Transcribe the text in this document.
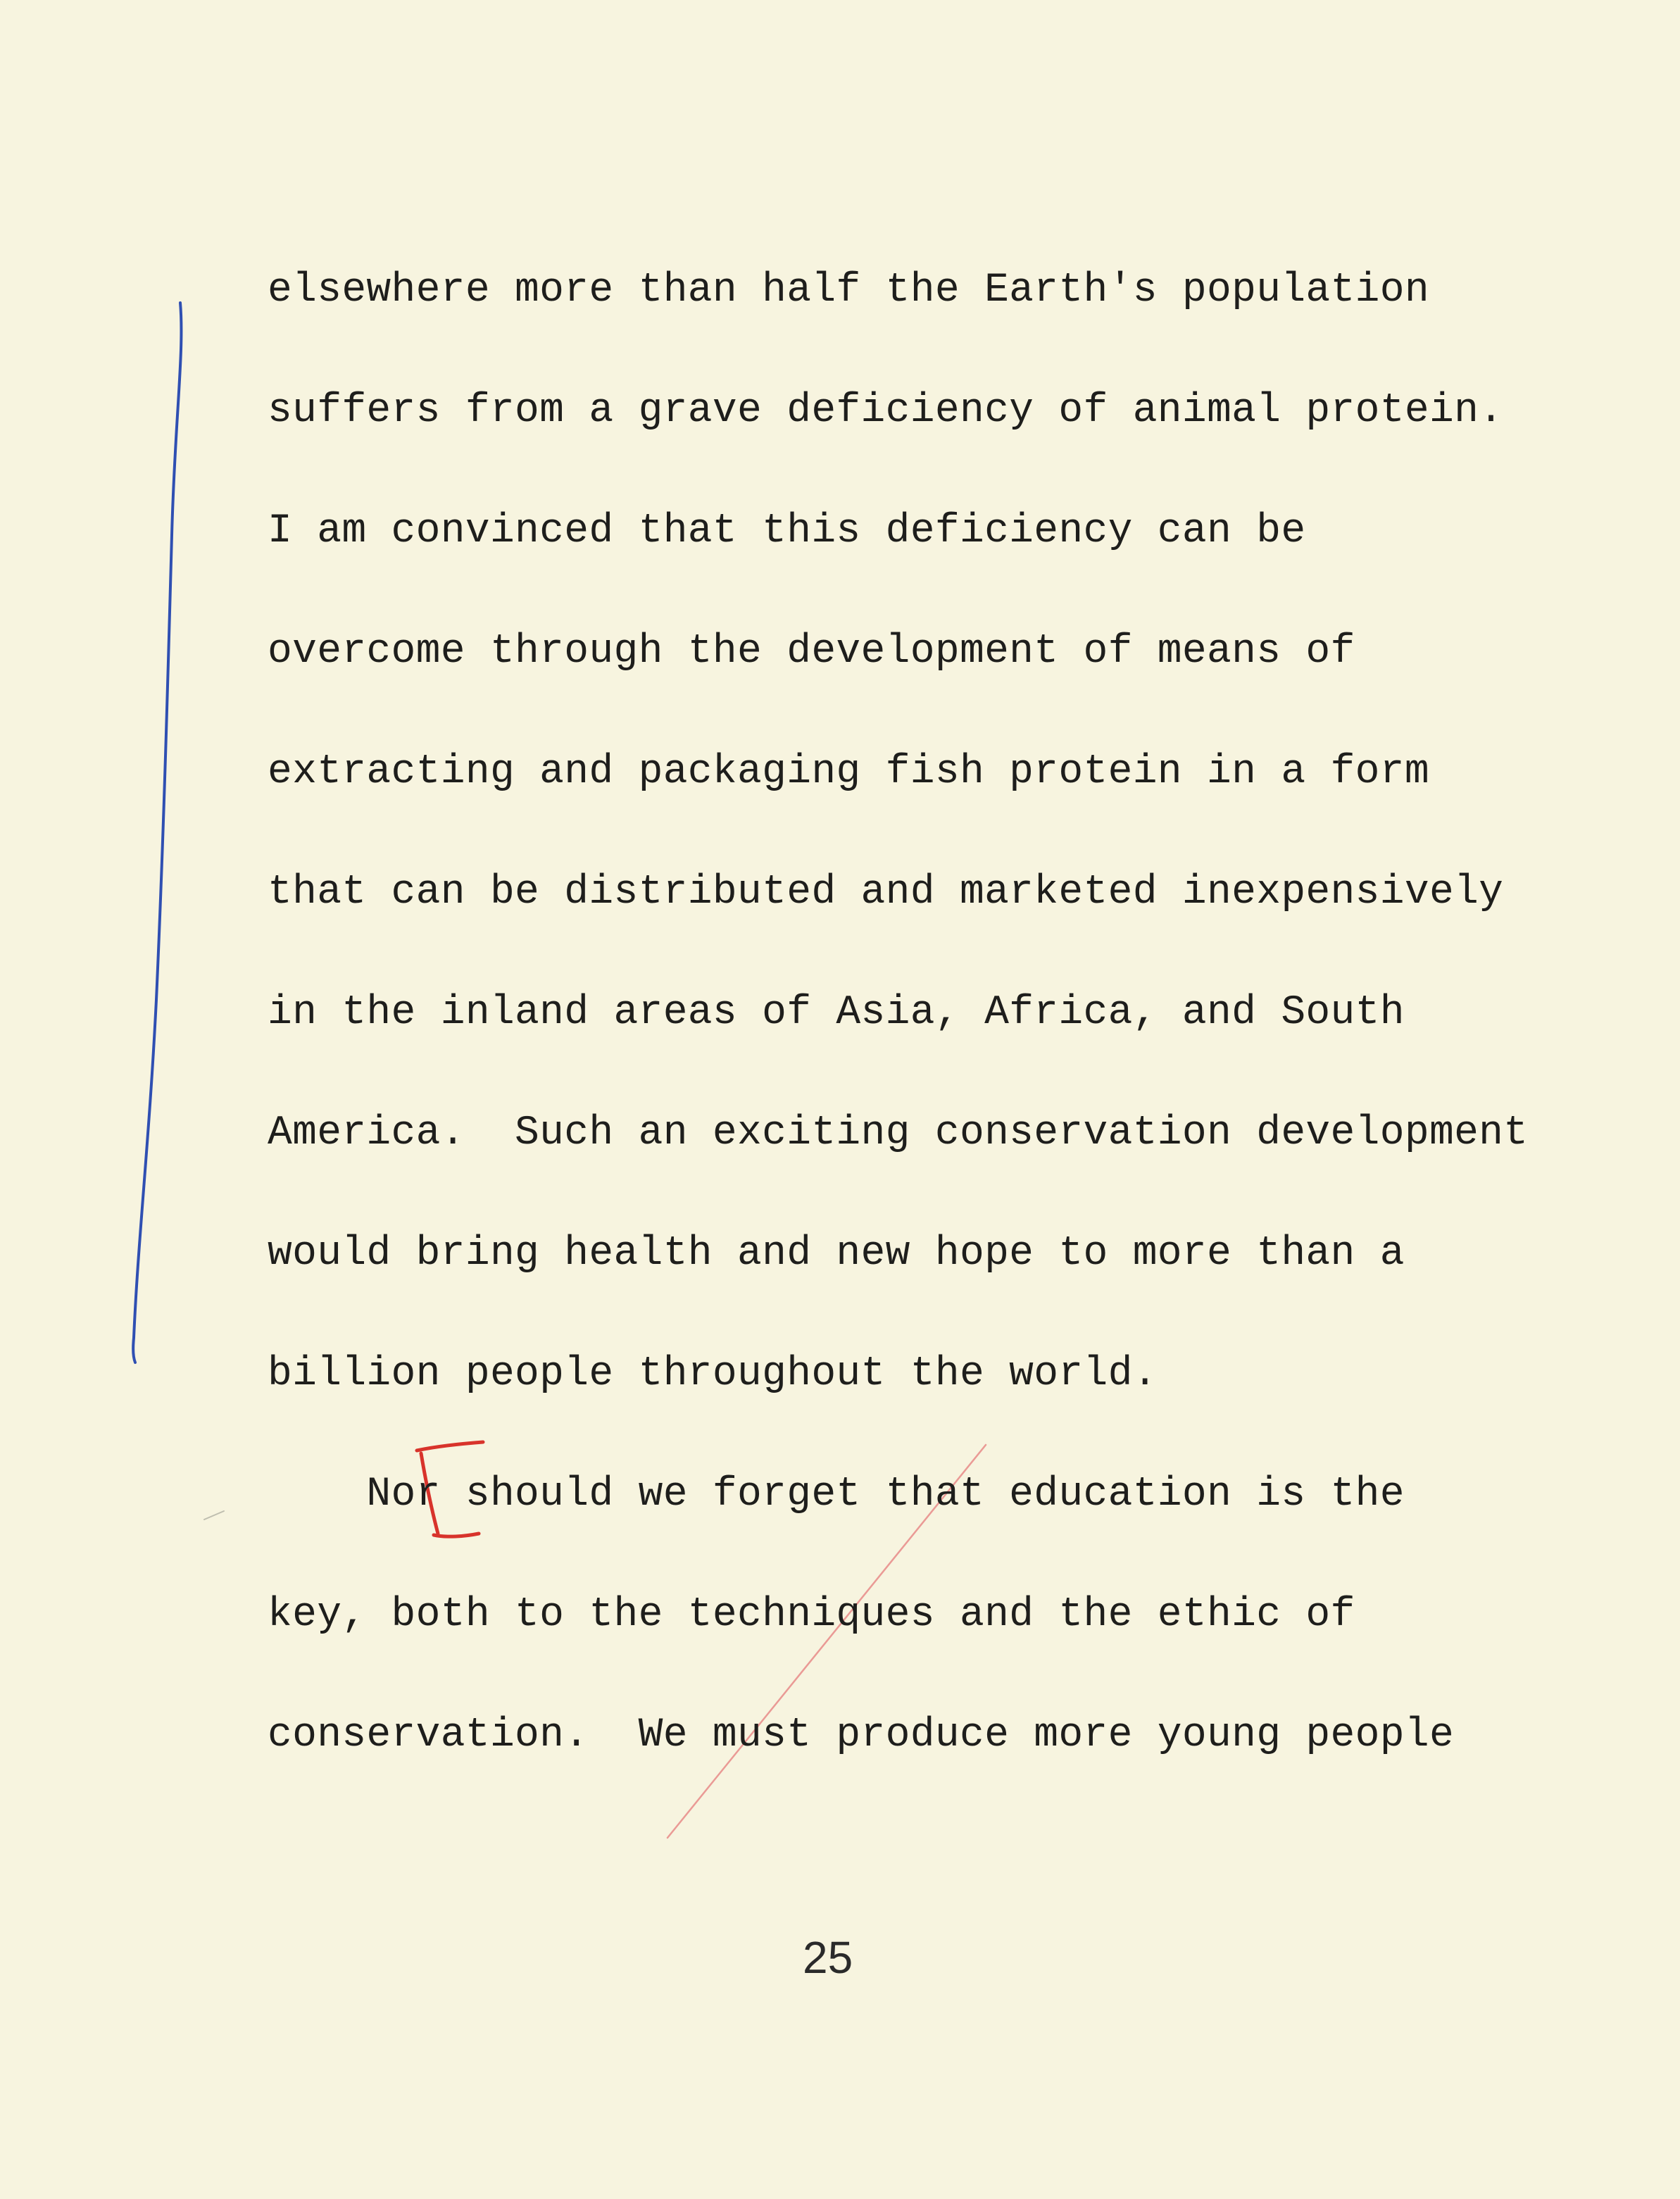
elsewhere more than half the Earth's population

suffers from a grave deficiency of animal protein.

I am convinced that this deficiency can be

overcome through the development of means of

extracting and packaging fish protein in a form

that can be distributed and marketed inexpensively

in the inland areas of Asia, Africa, and South

America.  Such an exciting conservation development

would bring health and new hope to more than a

billion people throughout the world.

Nor should we forget that education is the

key, both to the techniques and the ethic of

conservation.  We must produce more young people

25
